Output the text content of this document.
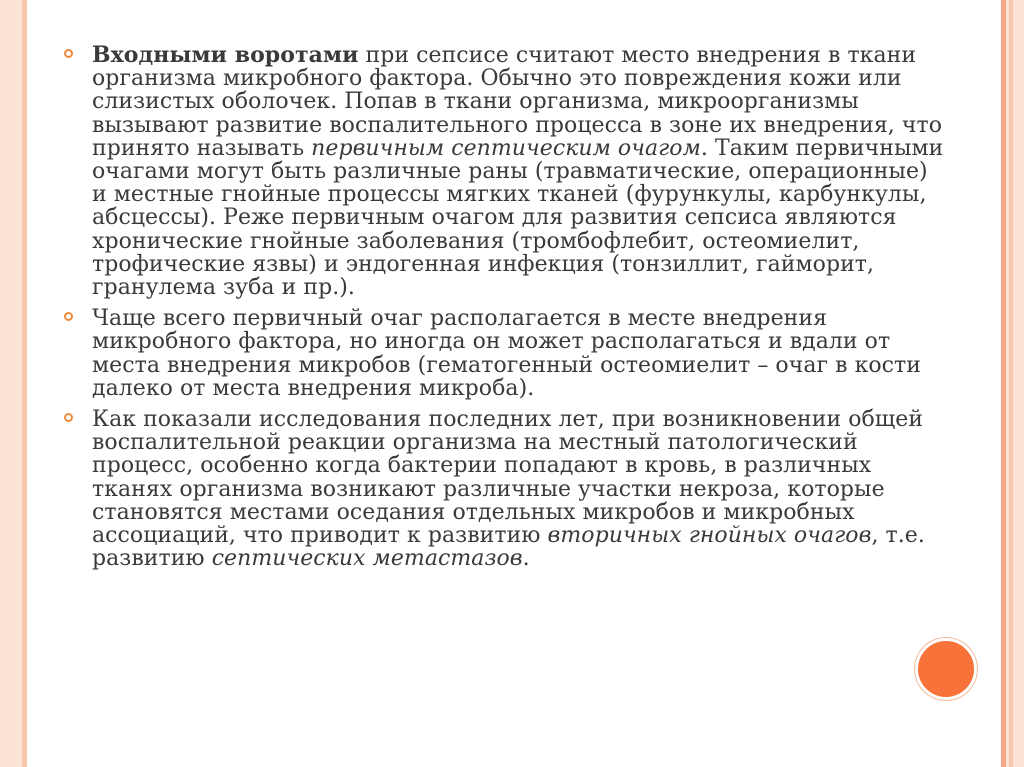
Входными воротами при сепсисе считают место внедрения в ткани организма микробного фактора. Обычно это повреждения кожи или слизистых оболочек. Попав в ткани организма, микроорганизмы вызывают развитие воспалительного процесса в зоне их внедрения, что принято называть первичным септическим очагом. Таким первичными очагами могут быть различные раны (травматические, операционные) и местные гнойные процессы мягких тканей (фурункулы, карбункулы, абсцессы). Реже первичным очагом для развития сепсиса являются хронические гнойные заболевания (тромбофлебит, остеомиелит, трофические язвы) и эндогенная инфекция (тонзиллит, гайморит, гранулема зуба и пр.).

Чаще всего первичный очаг располагается в месте внедрения микробного фактора, но иногда он может располагаться и вдали от места внедрения микробов (гематогенный остеомиелит – очаг в кости далеко от места внедрения микроба).

Как показали исследования последних лет, при возникновении общей воспалительной реакции организма на местный патологический процесс, особенно когда бактерии попадают в кровь, в различных тканях организма возникают различные участки некроза, которые становятся местами оседания отдельных микробов и микробных ассоциаций, что приводит к развитию вторичных гнойных очагов, т.е. развитию септических метастазов.
